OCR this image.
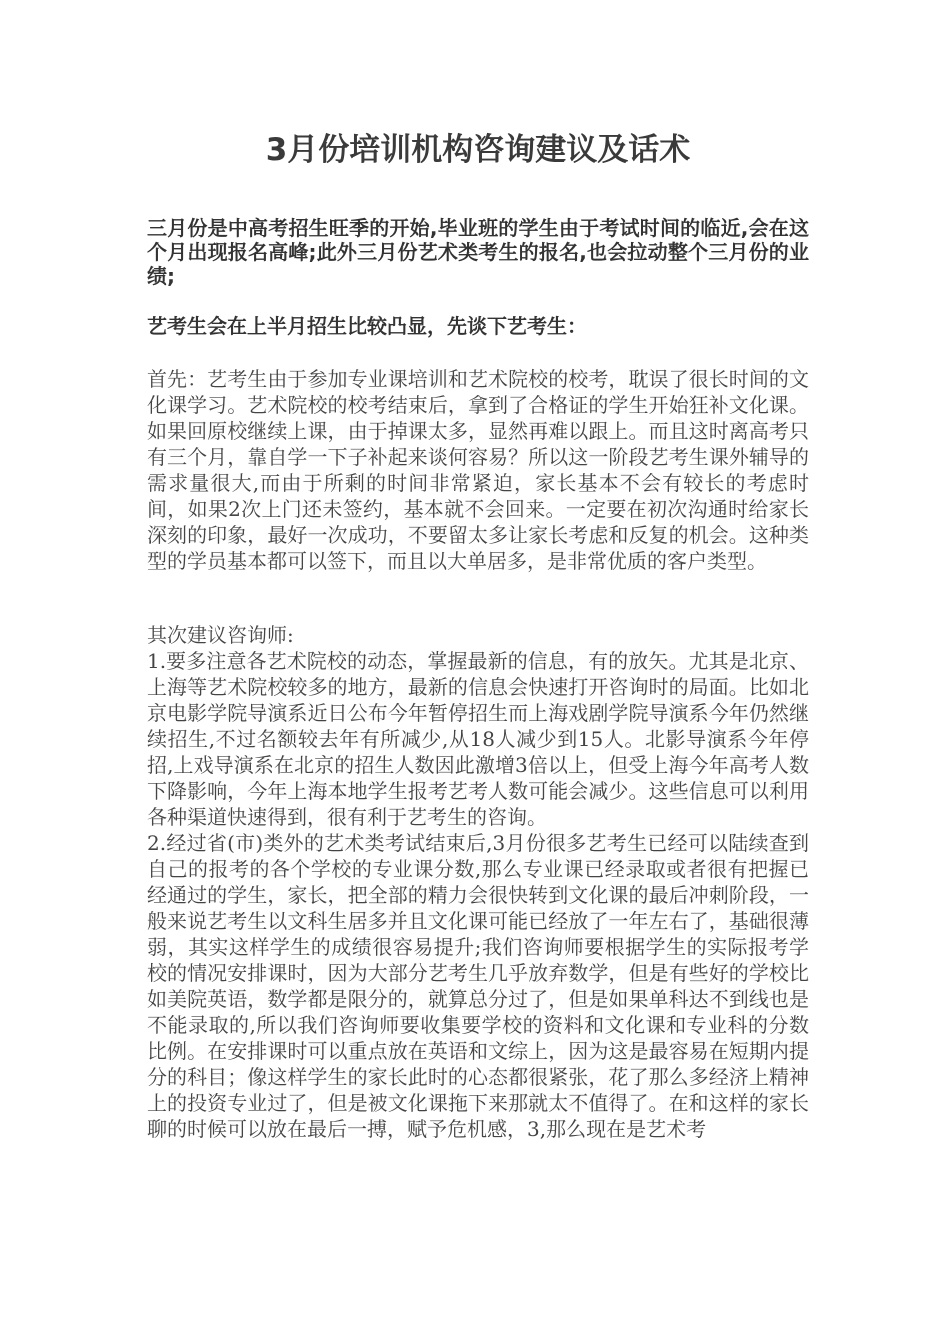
3月份培训机构咨询建议及话术

三月份是中高考招生旺季的开始,毕业班的学生由于考试时间的临近,会在这个月出现报名高峰;此外三月份艺术类考生的报名,也会拉动整个三月份的业绩;

艺考生会在上半月招生比较凸显，先谈下艺考生：

首先：艺考生由于参加专业课培训和艺术院校的校考，耽误了很长时间的文化课学习。艺术院校的校考结束后，拿到了合格证的学生开始狂补文化课。如果回原校继续上课，由于掉课太多，显然再难以跟上。而且这时离高考只有三个月，靠自学一下子补起来谈何容易？所以这一阶段艺考生课外辅导的需求量很大,而由于所剩的时间非常紧迫，家长基本不会有较长的考虑时间，如果2次上门还未签约，基本就不会回来。一定要在初次沟通时给家长深刻的印象，最好一次成功，不要留太多让家长考虑和反复的机会。这种类型的学员基本都可以签下，而且以大单居多，是非常优质的客户类型。

其次建议咨询师:

1.要多注意各艺术院校的动态，掌握最新的信息，有的放矢。尤其是北京、上海等艺术院校较多的地方，最新的信息会快速打开咨询时的局面。比如北京电影学院导演系近日公布今年暂停招生而上海戏剧学院导演系今年仍然继续招生,不过名额较去年有所减少,从18人减少到15人。北影导演系今年停招,上戏导演系在北京的招生人数因此激增3倍以上，但受上海今年高考人数下降影响，今年上海本地学生报考艺考人数可能会减少。这些信息可以利用各种渠道快速得到，很有利于艺考生的咨询。

2.经过省(市)类外的艺术类考试结束后,3月份很多艺考生已经可以陆续查到自己的报考的各个学校的专业课分数,那么专业课已经录取或者很有把握已经通过的学生，家长，把全部的精力会很快转到文化课的最后冲刺阶段，一般来说艺考生以文科生居多并且文化课可能已经放了一年左右了，基础很薄弱，其实这样学生的成绩很容易提升;我们咨询师要根据学生的实际报考学校的情况安排课时，因为大部分艺考生几乎放弃数学，但是有些好的学校比如美院英语，数学都是限分的，就算总分过了，但是如果单科达不到线也是不能录取的,所以我们咨询师要收集要学校的资料和文化课和专业科的分数比例。在安排课时可以重点放在英语和文综上，因为这是最容易在短期内提分的科目；像这样学生的家长此时的心态都很紧张，花了那么多经济上精神上的投资专业过了，但是被文化课拖下来那就太不值得了。在和这样的家长聊的时候可以放在最后一搏，赋予危机感，3,那么现在是艺术考
